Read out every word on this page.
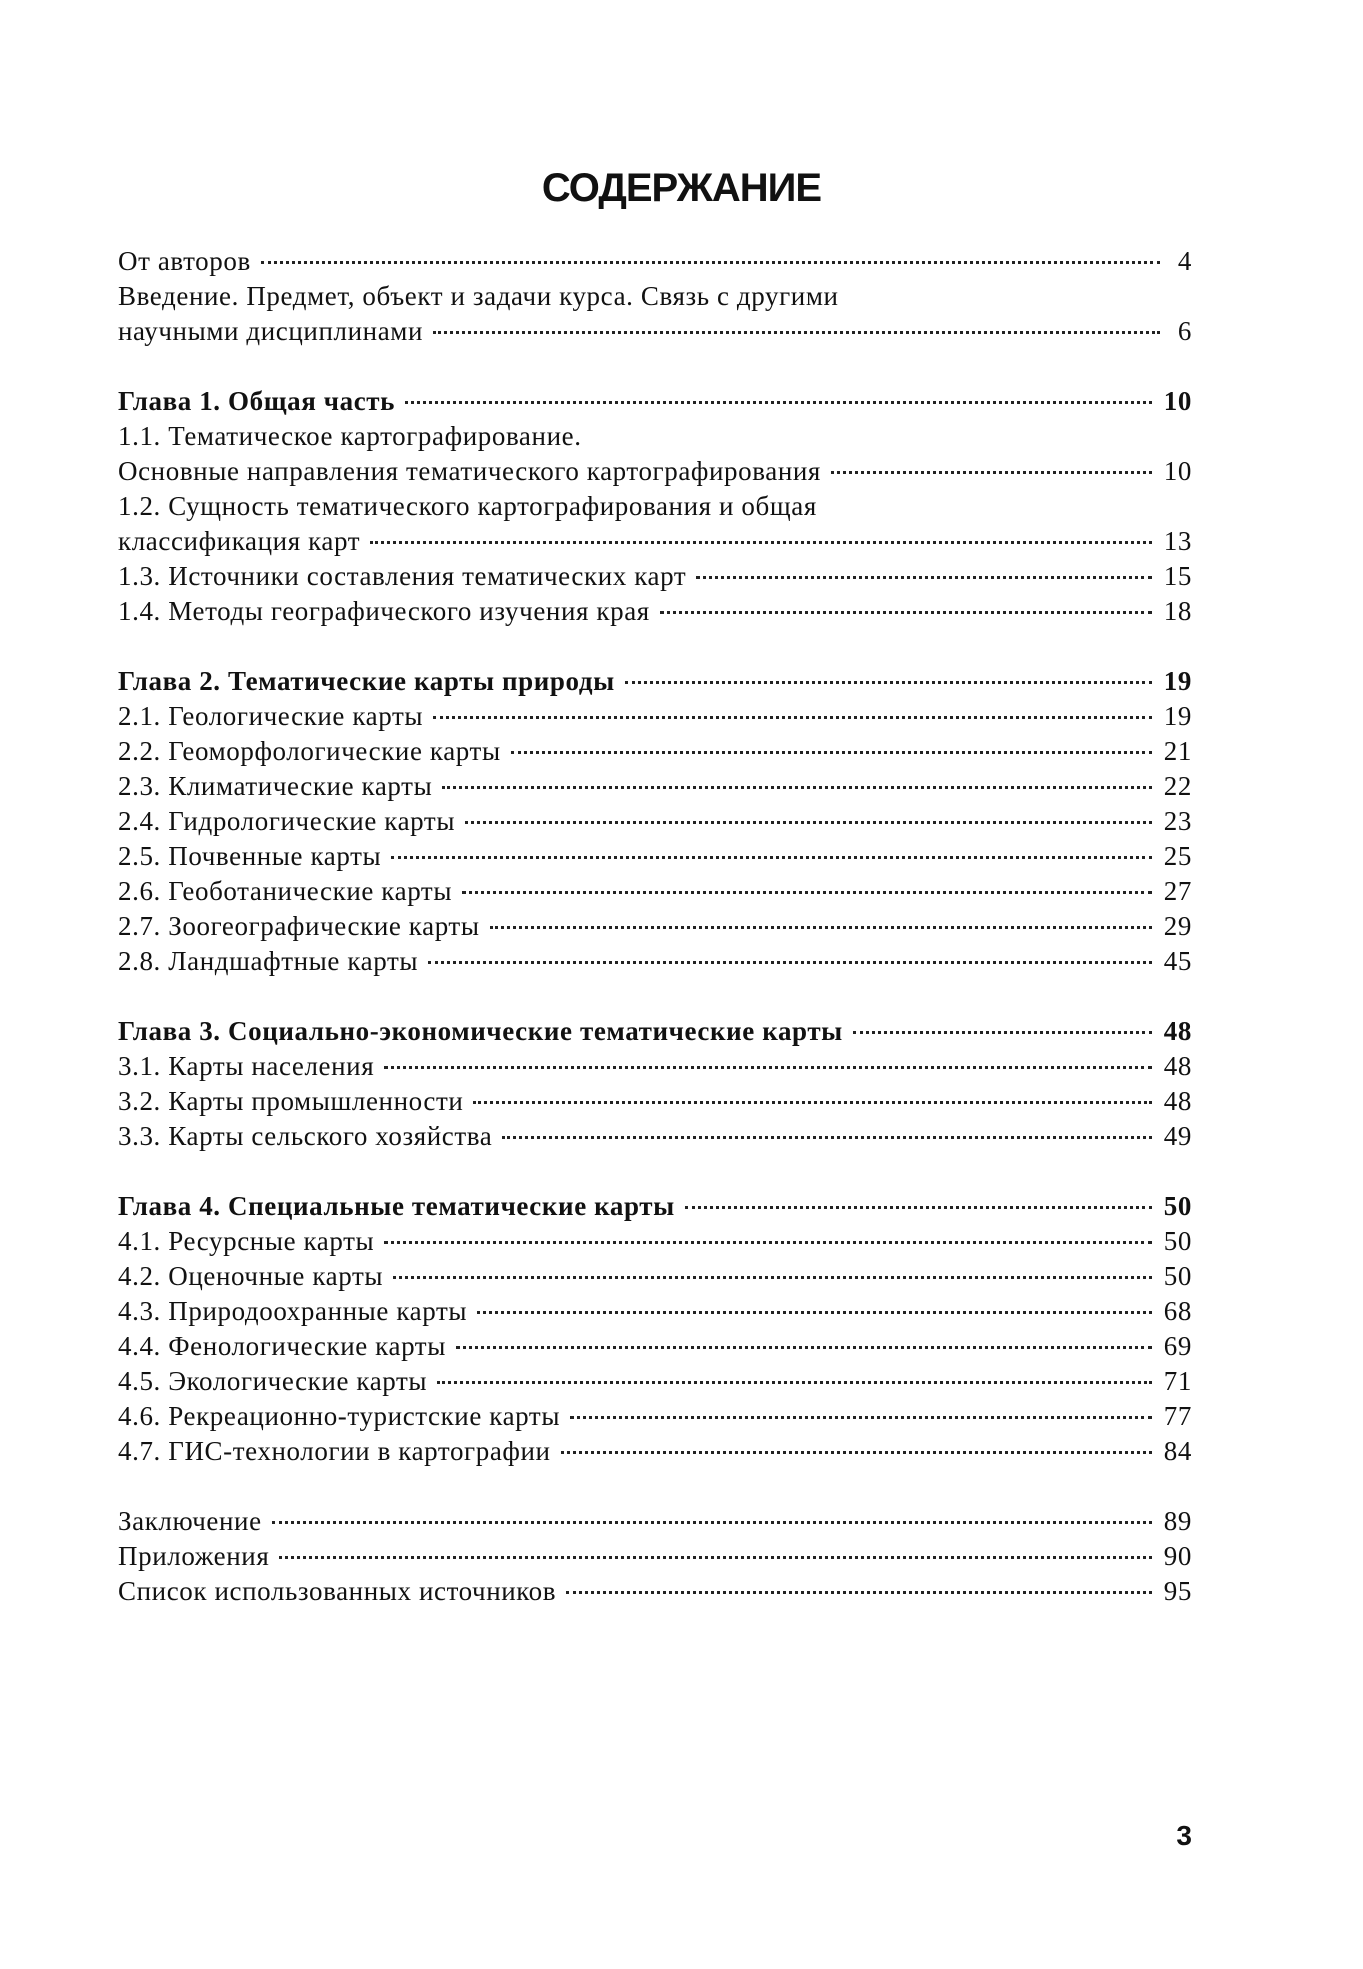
СОДЕРЖАНИЕ
От авторов	4
Введение. Предмет, объект и задачи курса. Связь с другими
научными дисциплинами	6
Глава 1. Общая часть	10
1.1. Тематическое картографирование.
Основные направления тематического картографирования	10
1.2. Сущность тематического картографирования и общая
классификация карт	13
1.3. Источники составления тематических карт	15
1.4. Методы географического изучения края	18
Глава 2. Тематические карты природы	19
2.1. Геологические карты	19
2.2. Геоморфологические карты	21
2.3. Климатические карты	22
2.4. Гидрологические карты	23
2.5. Почвенные карты	25
2.6. Геоботанические карты	27
2.7. Зоогеографические карты	29
2.8. Ландшафтные карты	45
Глава 3. Социально-экономические тематические карты	48
3.1. Карты населения	48
3.2. Карты промышленности	48
3.3. Карты сельского хозяйства	49
Глава 4. Специальные тематические карты	50
4.1. Ресурсные карты	50
4.2. Оценочные карты	50
4.3. Природоохранные карты	68
4.4. Фенологические карты	69
4.5. Экологические карты	71
4.6. Рекреационно-туристские карты	77
4.7. ГИС-технологии в картографии	84
Заключение	89
Приложения	90
Список использованных источников	95
3
